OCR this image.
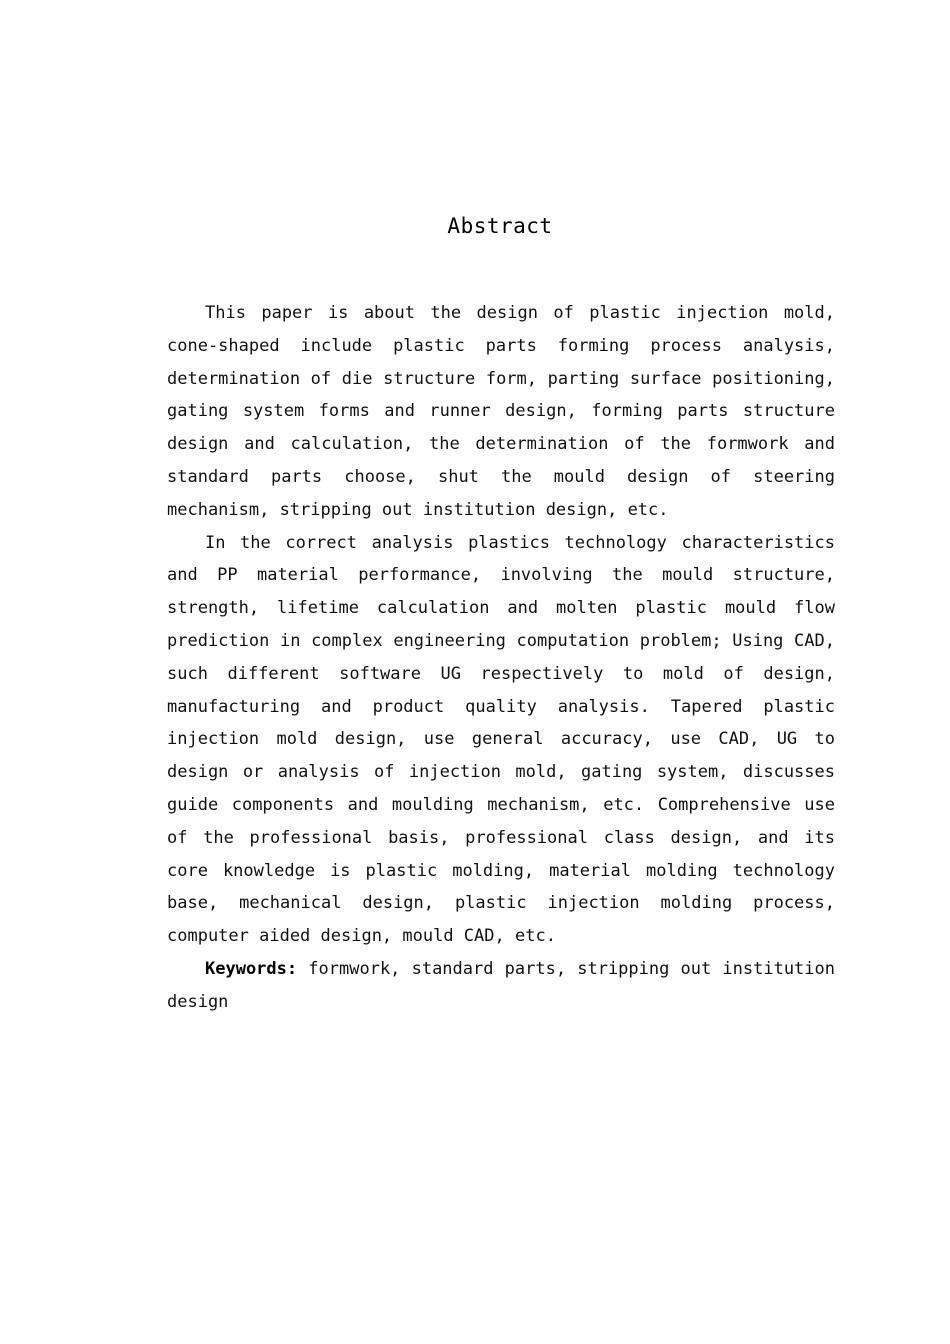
Abstract

This paper is about the design of plastic injection mold, cone-shaped include plastic parts forming process analysis, determination of die structure form, parting surface positioning, gating system forms and runner design, forming parts structure design and calculation, the determination of the formwork and standard parts choose, shut the mould design of steering mechanism, stripping out institution design, etc.

In the correct analysis plastics technology characteristics and PP material performance, involving the mould structure, strength, lifetime calculation and molten plastic mould flow prediction in complex engineering computation problem; Using CAD, such different software UG respectively to mold of design, manufacturing and product quality analysis. Tapered plastic injection mold design, use general accuracy, use CAD, UG to design or analysis of injection mold, gating system, discusses guide components and moulding mechanism, etc. Comprehensive use of the professional basis, professional class design, and its core knowledge is plastic molding, material molding technology base, mechanical design, plastic injection molding process, computer aided design, mould CAD, etc.

Keywords: formwork, standard parts, stripping out institution design
